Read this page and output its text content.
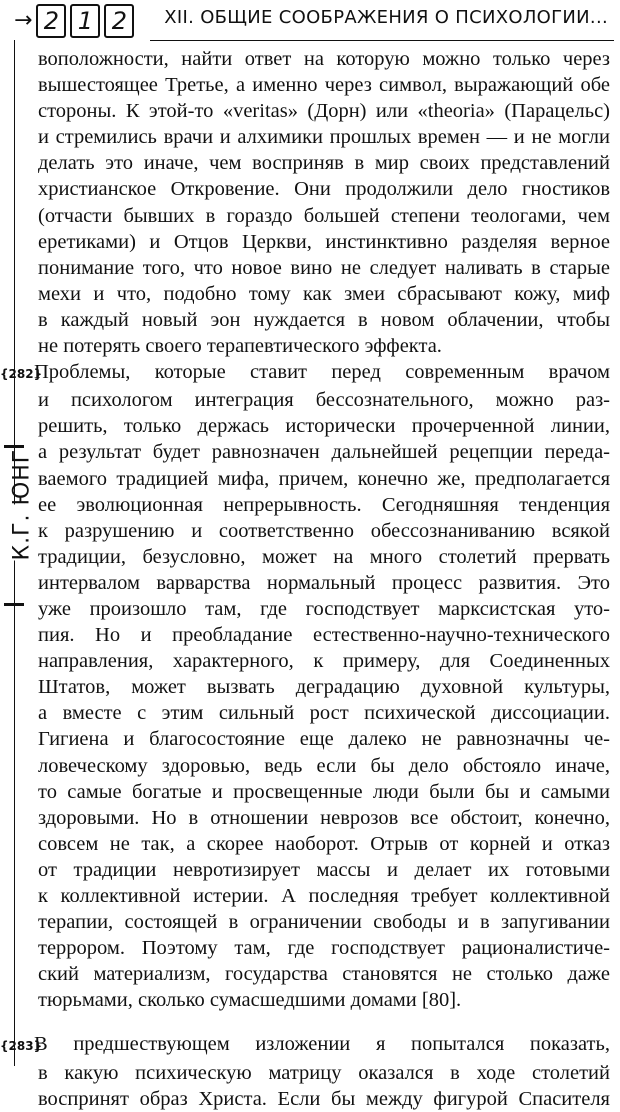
→ 2 1 2	XII. ОБЩИЕ СООБРАЖЕНИЯ О ПСИХОЛОГИИ...
К.Г. ЮНГ
воположности, найти ответ на которую можно только через
вышестоящее Третье, а именно через символ, выражающий обе
стороны. К этой-то «veritas» (Дорн) или «theoria» (Парацельс)
и стремились врачи и алхимики прошлых времен — и не могли
делать это иначе, чем восприняв в мир своих представлений
христианское Откровение. Они продолжили дело гностиков
(отчасти бывших в гораздо большей степени теологами, чем
еретиками) и Отцов Церкви, инстинктивно разделяя верное
понимание того, что новое вино не следует наливать в старые
мехи и что, подобно тому как змеи сбрасывают кожу, миф
в каждый новый эон нуждается в новом облачении, чтобы
не потерять своего терапевтического эффекта.
{282}Проблемы, которые ставит перед современным врачом
и психологом интеграция бессознательного, можно раз-
решить, только держась исторически прочерченной линии,
а результат будет равнозначен дальнейшей рецепции переда-
ваемого традицией мифа, причем, конечно же, предполагается
ее эволюционная непрерывность. Сегодняшняя тенденция
к разрушению и соответственно обессознаниванию всякой
традиции, безусловно, может на много столетий прервать
интервалом варварства нормальный процесс развития. Это
уже произошло там, где господствует марксистская уто-
пия. Но и преобладание естественно-научно-технического
направления, характерного, к примеру, для Соединенных
Штатов, может вызвать деградацию духовной культуры,
а вместе с этим сильный рост психической диссоциации.
Гигиена и благосостояние еще далеко не равнозначны че-
ловеческому здоровью, ведь если бы дело обстояло иначе,
то самые богатые и просвещенные люди были бы и самыми
здоровыми. Но в отношении неврозов все обстоит, конечно,
совсем не так, а скорее наоборот. Отрыв от корней и отказ
от традиции невротизирует массы и делает их готовыми
к коллективной истерии. А последняя требует коллективной
терапии, состоящей в ограничении свободы и в запугивании
террором. Поэтому там, где господствует рационалистиче-
ский материализм, государства становятся не столько даже
тюрьмами, сколько сумасшедшими домами [80].
{283}В предшествующем изложении я попытался показать,
в какую психическую матрицу оказался в ходе столетий
воспринят образ Христа. Если бы между фигурой Спасителя
